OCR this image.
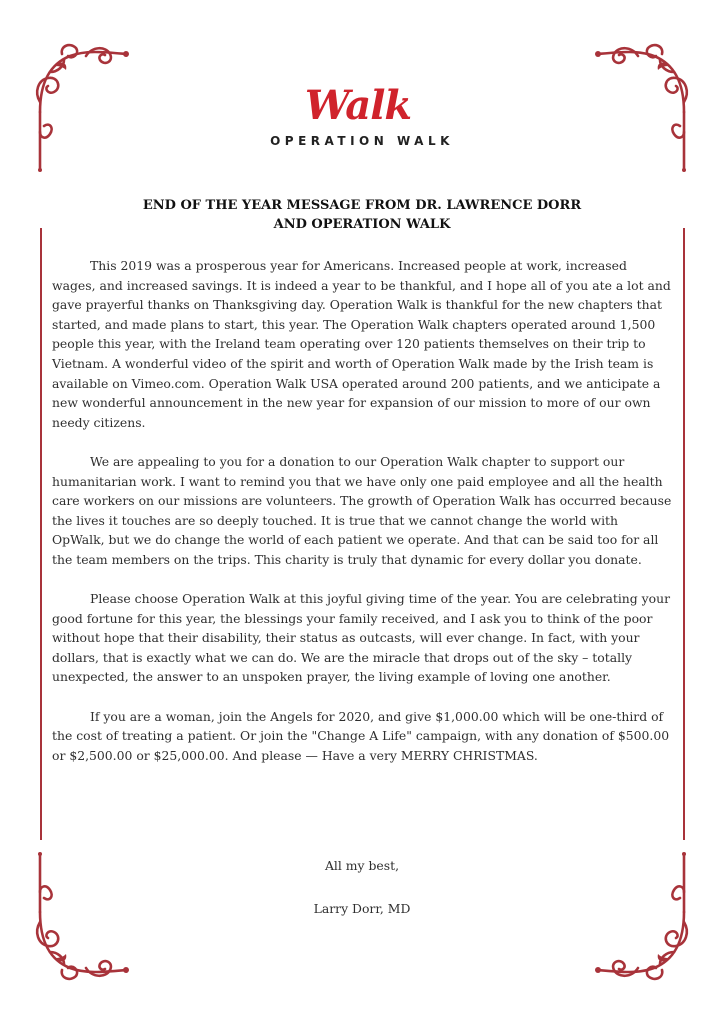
Walk
OPERATION WALK
END OF THE YEAR MESSAGE FROM DR. LAWRENCE DORR
AND OPERATION WALK

This 2019 was a prosperous year for Americans. Increased people at work, increased wages, and increased savings. It is indeed a year to be thankful, and I hope all of you ate a lot and gave prayerful thanks on Thanksgiving day. Operation Walk is thankful for the new chapters that started, and made plans to start, this year. The Operation Walk chapters operated around 1,500 people this year, with the Ireland team operating over 120 patients themselves on their trip to Vietnam. A wonderful video of the spirit and worth of Operation Walk made by the Irish team is available on Vimeo.com. Operation Walk USA operated around 200 patients, and we anticipate a new wonderful announcement in the new year for expansion of our mission to more of our own needy citizens.

We are appealing to you for a donation to our Operation Walk chapter to support our humanitarian work. I want to remind you that we have only one paid employee and all the health care workers on our missions are volunteers. The growth of Operation Walk has occurred because the lives it touches are so deeply touched. It is true that we cannot change the world with OpWalk, but we do change the world of each patient we operate. And that can be said too for all the team members on the trips. This charity is truly that dynamic for every dollar you donate.

Please choose Operation Walk at this joyful giving time of the year. You are celebrating your good fortune for this year, the blessings your family received, and I ask you to think of the poor without hope that their disability, their status as outcasts, will ever change. In fact, with your dollars, that is exactly what we can do. We are the miracle that drops out of the sky – totally unexpected, the answer to an unspoken prayer, the living example of loving one another.

If you are a woman, join the Angels for 2020, and give $1,000.00 which will be one-third of the cost of treating a patient. Or join the "Change A Life" campaign, with any donation of $500.00 or $2,500.00 or $25,000.00. And please — Have a very MERRY CHRISTMAS.

All my best,
Larry Dorr, MD
